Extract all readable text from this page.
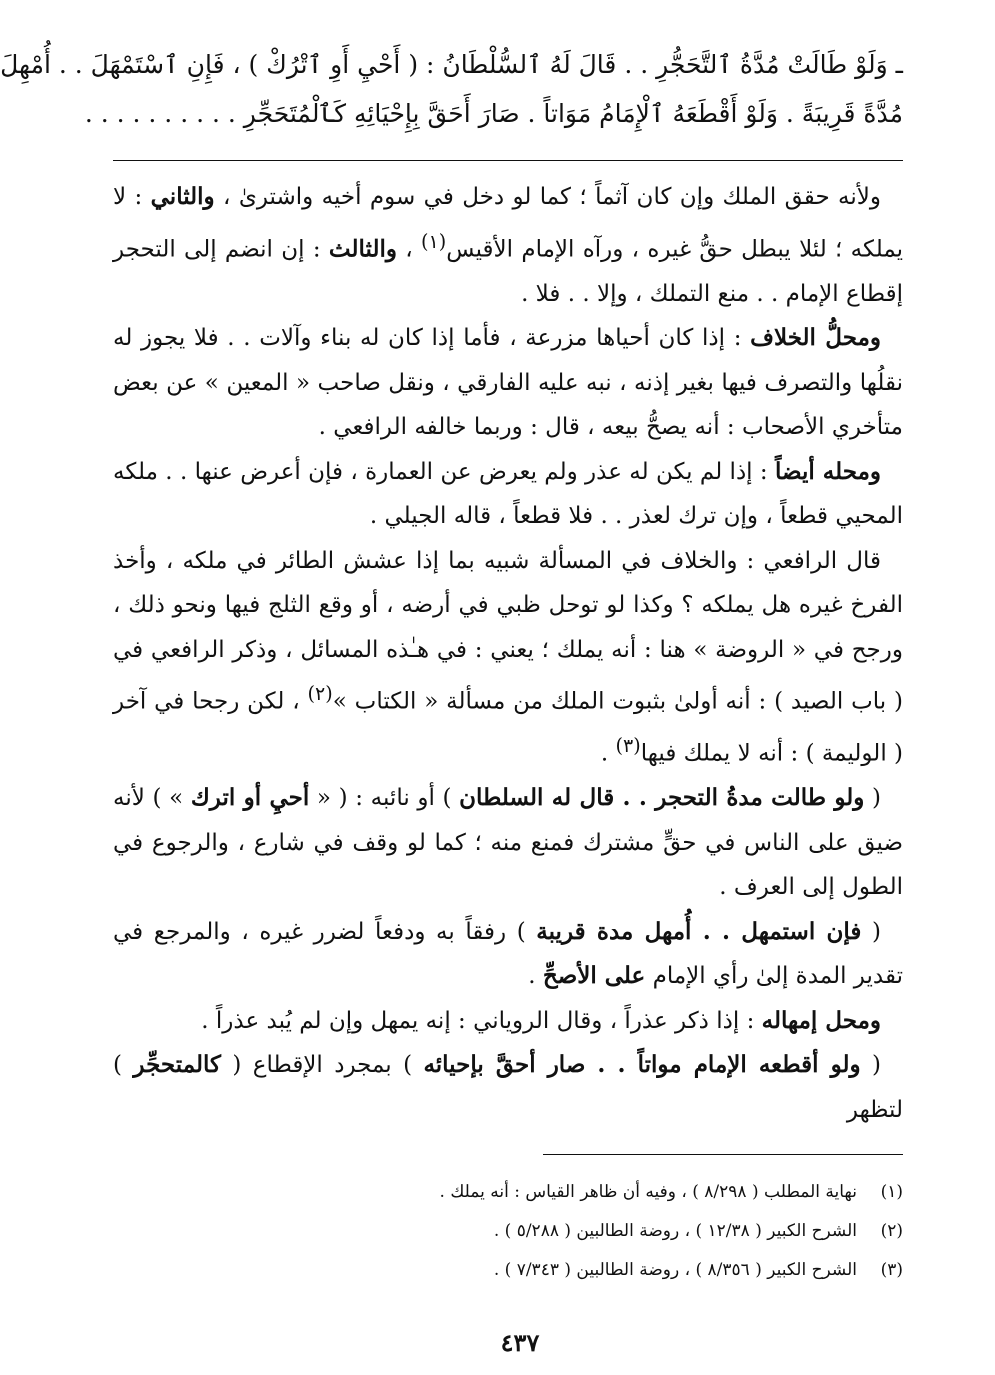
ـ وَلَوْ طَالَتْ مُدَّةُ ٱلتَّحَجُّرِ . . قَالَ لَهُ ٱلسُّلْطَانُ : ( أَحْيِ أَوِ ٱتْرُكْ ) ، فَإِنِ ٱسْتَمْهَلَ . . أُمْهِلَ
مُدَّةً قَرِيبَةً . وَلَوْ أَقْطَعَهُ ٱلْإِمَامُ مَوَاتاً . صَارَ أَحَقَّ بِإِحْيَائِهِ كَٱلْمُتَحَجِّرِ . . . . . . . . . .

ولأنه حقق الملك وإن كان آثماً ؛ كما لو دخل في سوم أخيه واشترىٰ ، والثاني : لا يملكه ؛ لئلا يبطل حقُّ غيره ، ورآه الإمام الأقيس$^{(١)}$ ، والثالث : إن انضم إلى التحجر إقطاع الإمام . . منع التملك ، وإلا . . فلا .

ومحلُّ الخلاف : إذا كان أحياها مزرعة ، فأما إذا كان له بناء وآلات . . فلا يجوز له نقلُها والتصرف فيها بغير إذنه ، نبه عليه الفارقي ، ونقل صاحب « المعين » عن بعض متأخري الأصحاب : أنه يصحُّ بيعه ، قال : وربما خالفه الرافعي .

ومحله أيضاً : إذا لم يكن له عذر ولم يعرض عن العمارة ، فإن أعرض عنها . . ملكه المحيي قطعاً ، وإن ترك لعذر . . فلا قطعاً ، قاله الجيلي .

قال الرافعي : والخلاف في المسألة شبيه بما إذا عشش الطائر في ملكه ، وأخذ الفرخ غيره هل يملكه ؟ وكذا لو توحل ظبي في أرضه ، أو وقع الثلج فيها ونحو ذلك ، ورجح في « الروضة » هنا : أنه يملك ؛ يعني : في هـٰذه المسائل ، وذكر الرافعي في ( باب الصيد ) : أنه أولىٰ بثبوت الملك من مسألة « الكتاب »$^{(٢)}$ ، لكن رجحا في آخر ( الوليمة ) : أنه لا يملك فيها$^{(٣)}$ .

( ولو طالت مدةُ التحجر . . قال له السلطان ) أو نائبه : ( « أحيِ أو اترك » ) لأنه ضيق على الناس في حقٍّ مشترك فمنع منه ؛ كما لو وقف في شارع ، والرجوع في الطول إلى العرف .

( فإن استمهل . . أُمهل مدة قريبة ) رفقاً به ودفعاً لضرر غيره ، والمرجع في تقدير المدة إلىٰ رأي الإمام على الأصحِّ .

ومحل إمهاله : إذا ذكر عذراً ، وقال الروياني : إنه يمهل وإن لم يُبد عذراً .

( ولو أقطعه الإمام مواتاً . . صار أحقَّ بإحيائه ) بمجرد الإقطاع ( كالمتحجِّر ) لتظهر

(١)نهاية المطلب ( ٨/٢٩٨ ) ، وفيه أن ظاهر القياس : أنه يملك .

(٢)الشرح الكبير ( ١٢/٣٨ ) ، روضة الطالبين ( ٥/٢٨٨ ) .

(٣)الشرح الكبير ( ٨/٣٥٦ ) ، روضة الطالبين ( ٧/٣٤٣ ) .

٤٣٧
